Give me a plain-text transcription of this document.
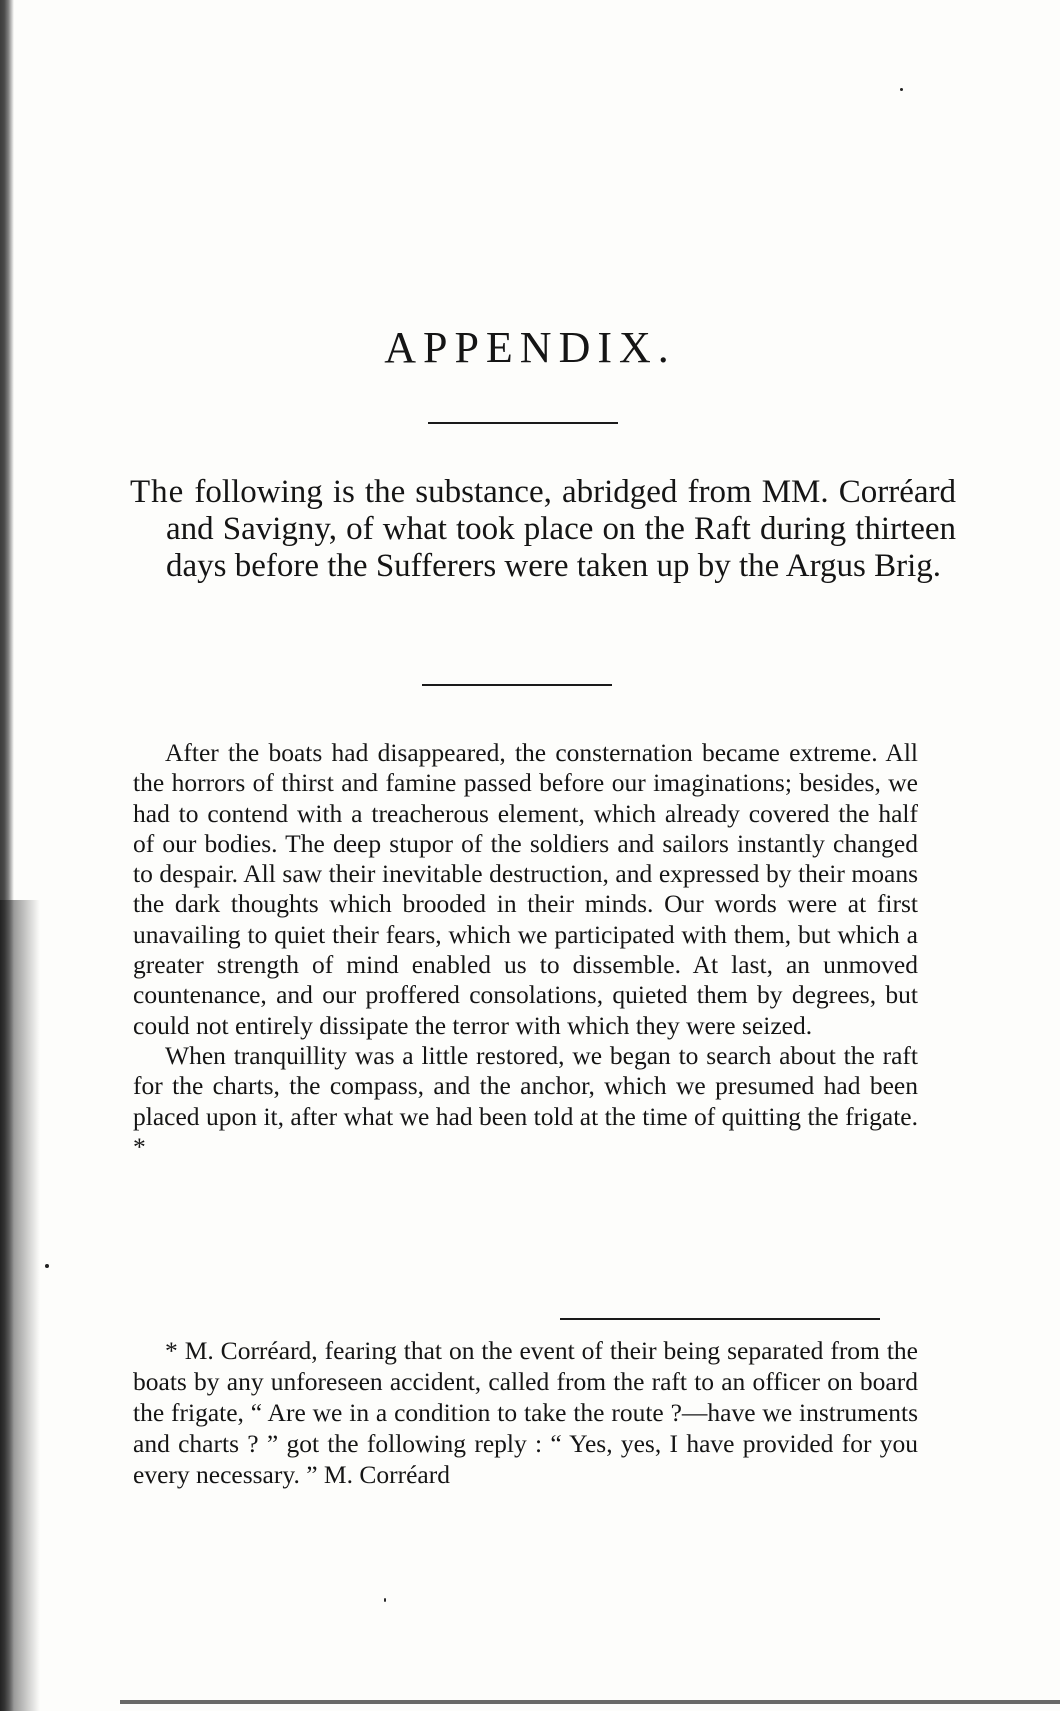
APPENDIX.

The following is the substance, abridged from MM. Corréard and Savigny, of what took place on the Raft during thirteen days before the Sufferers were taken up by the Argus Brig.

After the boats had disappeared, the consternation became extreme. All the horrors of thirst and famine passed before our imaginations; besides, we had to contend with a treacherous element, which already covered the half of our bodies. The deep stupor of the soldiers and sailors instantly changed to despair. All saw their inevitable destruction, and expressed by their moans the dark thoughts which brooded in their minds. Our words were at first unavailing to quiet their fears, which we participated with them, but which a greater strength of mind enabled us to dissemble. At last, an unmoved countenance, and our proffered consolations, quieted them by degrees, but could not entirely dissipate the terror with which they were seized.

When tranquillity was a little restored, we began to search about the raft for the charts, the compass, and the anchor, which we presumed had been placed upon it, after what we had been told at the time of quitting the frigate. *

* M. Corréard, fearing that on the event of their being separated from the boats by any unforeseen accident, called from the raft to an officer on board the frigate, “ Are we in a condition to take the route ?—have we instruments and charts ? ” got the following reply : “ Yes, yes, I have provided for you every necessary. ” M. Corréard
